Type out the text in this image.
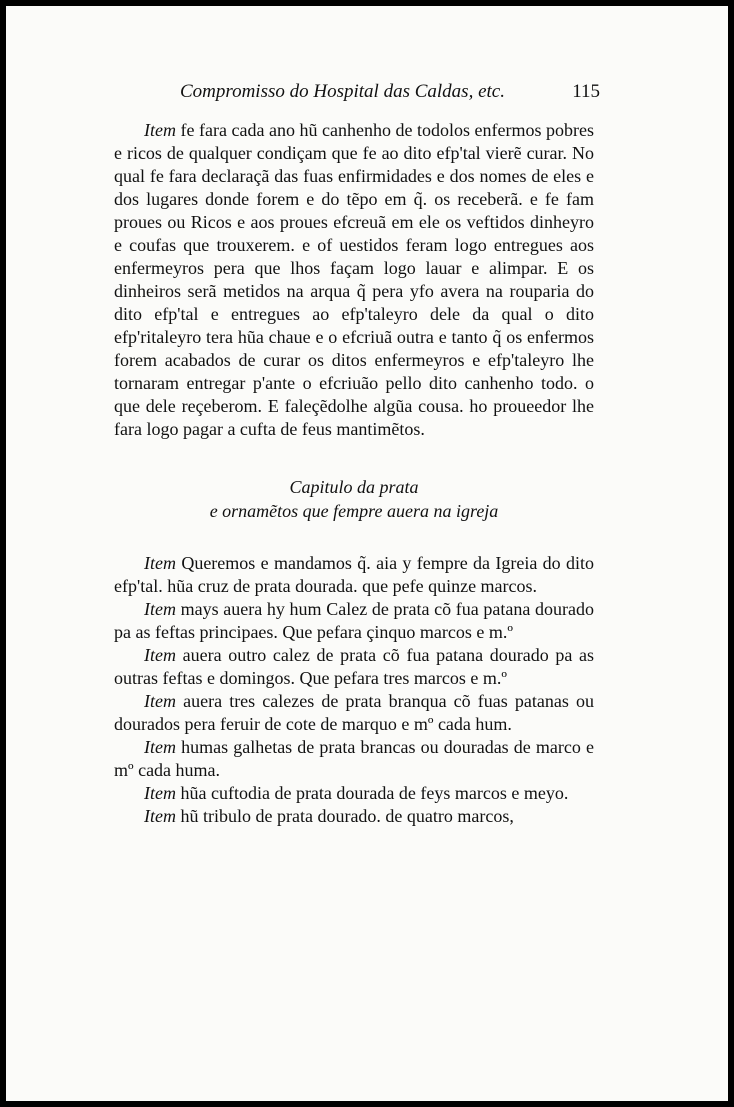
Compromisso do Hospital das Caldas, etc.	115

Item fe fara cada ano hũ canhenho de todolos enfermos pobres e ricos de qualquer condiçam que fe ao dito efp'tal vierẽ curar. No qual fe fara declaraçã das fuas enfirmidades e dos nomes de eles e dos lugares donde forem e do tẽpo em q̃. os receberã. e fe fam proues ou Ricos e aos proues efcreuã em ele os veftidos dinheyro e coufas que trouxerem. e of uestidos feram logo entregues aos enfermeyros pera que lhos façam logo lauar e alimpar. E os dinheiros serã metidos na arqua q̃ pera yfo avera na rouparia do dito efp'tal e entregues ao efp'taleyro dele da qual o dito efp'ritaleyro tera hũa chaue e o efcriuã outra e tanto q̃ os enfermos forem acabados de curar os ditos enfermeyros e efp'taleyro lhe tornaram entregar p'ante o efcriuão pello dito canhenho todo. o que dele reçeberom. E faleçẽdolhe algũa cousa. ho proueedor lhe fara logo pagar a cufta de feus mantimẽtos.

Capitulo da prata

e ornamẽtos que fempre auera na igreja

Item Queremos e mandamos q̃. aia y fempre da Igreia do dito efp'tal. hũa cruz de prata dourada. que pefe quinze marcos.

Item mays auera hy hum Calez de prata cõ fua patana dourado pa as feftas principaes. Que pefara çinquo marcos e m.º

Item auera outro calez de prata cõ fua patana dourado pa as outras feftas e domingos. Que pefara tres marcos e m.º

Item auera tres calezes de prata branqua cõ fuas patanas ou dourados pera feruir de cote de marquo e mº cada hum.

Item humas galhetas de prata brancas ou douradas de marco e mº cada huma.

Item hũa cuftodia de prata dourada de feys marcos e meyo.

Item hũ tribulo de prata dourado. de quatro marcos,
